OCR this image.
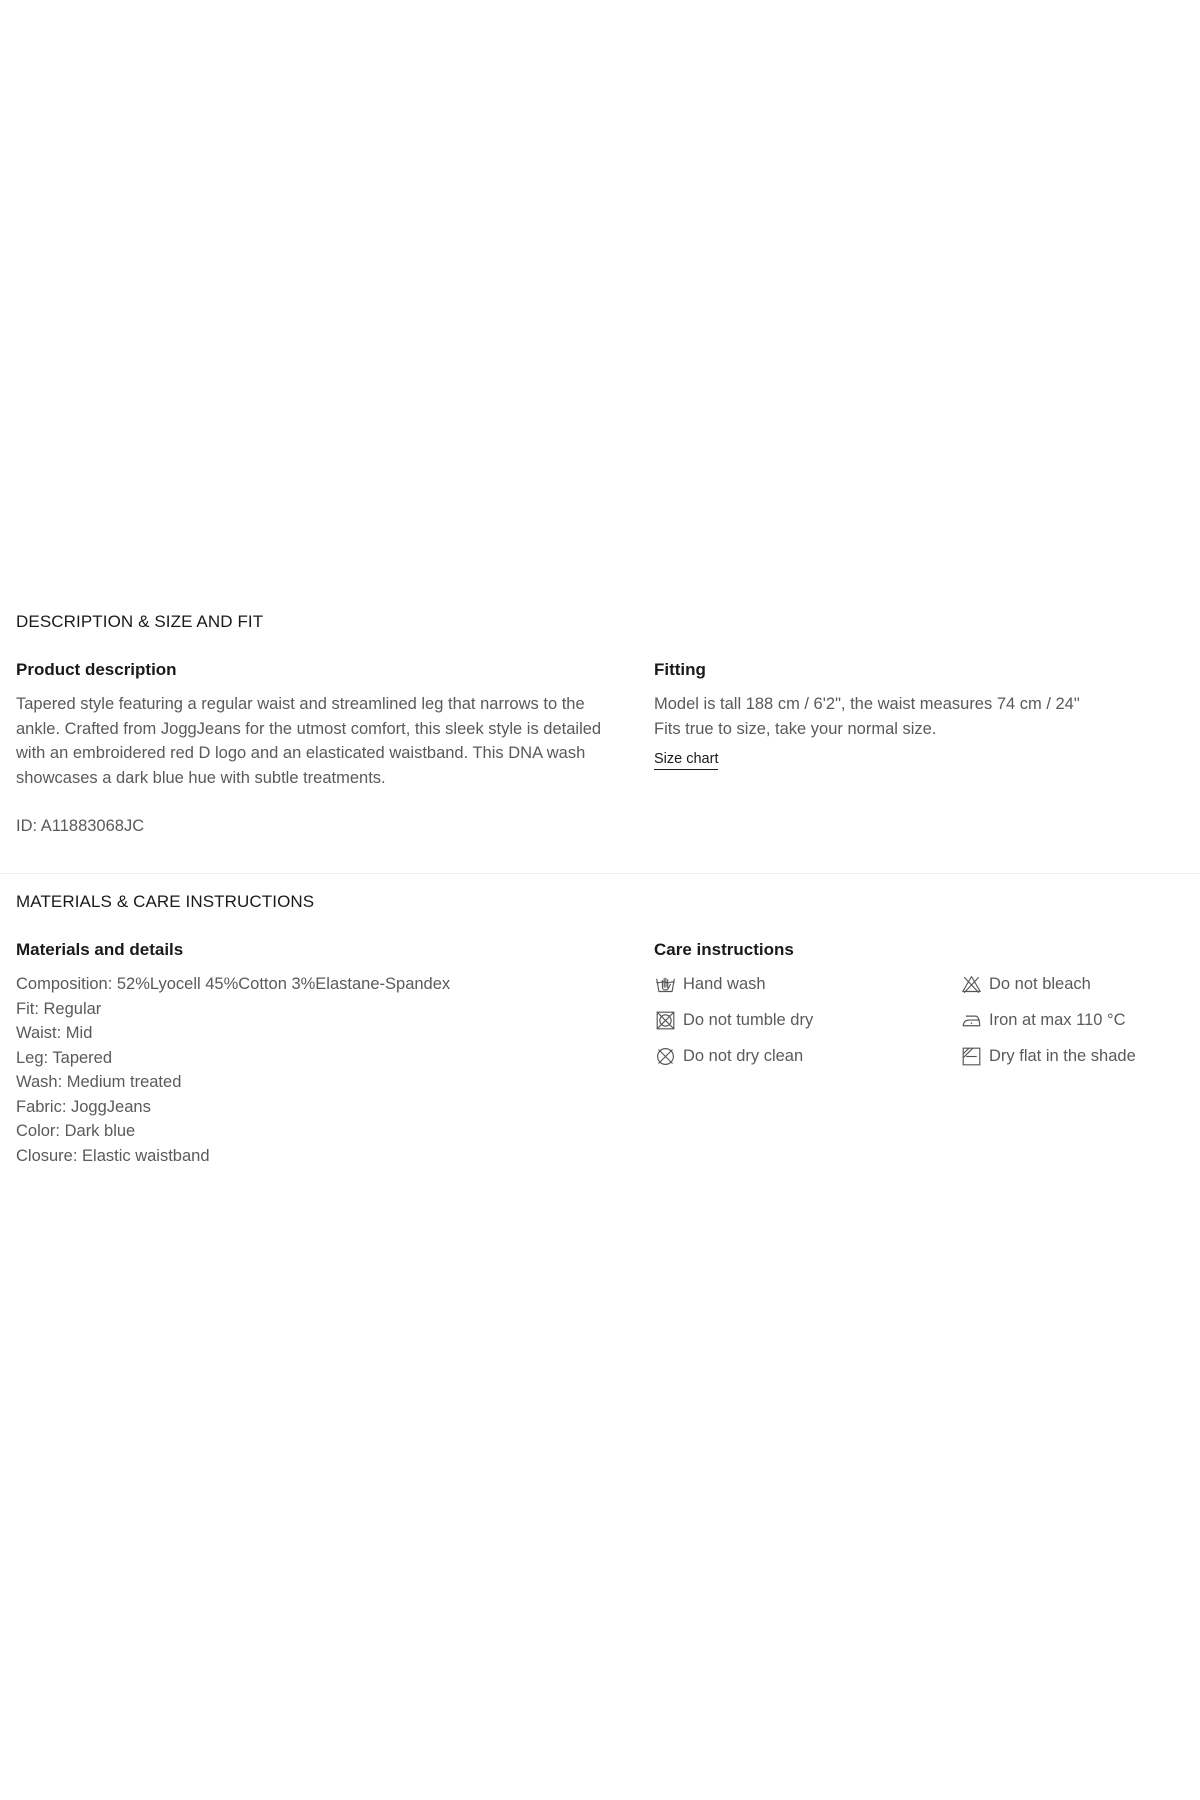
DESCRIPTION & SIZE AND FIT
Product description

Tapered style featuring a regular waist and streamlined leg that narrows to the ankle. Crafted from JoggJeans for the utmost comfort, this sleek style is detailed with an embroidered red D logo and an elasticated waistband. This DNA wash showcases a dark blue hue with subtle treatments.

ID: A11883068JC

Fitting

Model is tall 188 cm / 6'2", the waist measures 74 cm / 24"

Fits true to size, take your normal size.

Size chart
MATERIALS & CARE INSTRUCTIONS
Materials and details
Composition: 52%Lyocell 45%Cotton 3%Elastane-Spandex
Fit: Regular
Waist: Mid
Leg: Tapered
Wash: Medium treated
Fabric: JoggJeans
Color: Dark blue
Closure: Elastic waistband
Care instructions
Hand wash	Do not bleach
Do not tumble dry	Iron at max 110 °C
Do not dry clean	Dry flat in the shade
